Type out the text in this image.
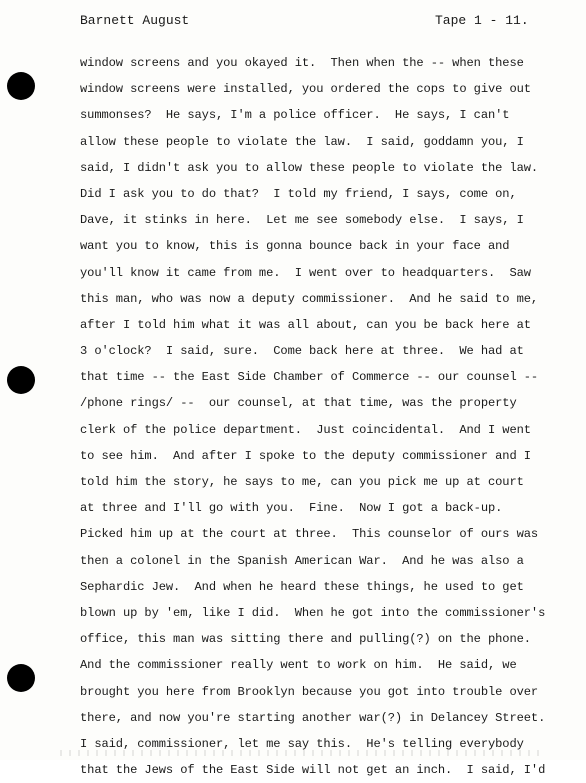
Barnett August	Tape 1 - 11.
window screens and you okayed it.  Then when the -- when these
window screens were installed, you ordered the cops to give out
summonses?  He says, I'm a police officer.  He says, I can't
allow these people to violate the law.  I said, goddamn you, I
said, I didn't ask you to allow these people to violate the law.
Did I ask you to do that?  I told my friend, I says, come on,
Dave, it stinks in here.  Let me see somebody else.  I says, I
want you to know, this is gonna bounce back in your face and
you'll know it came from me.  I went over to headquarters.  Saw
this man, who was now a deputy commissioner.  And he said to me,
after I told him what it was all about, can you be back here at
3 o'clock?  I said, sure.  Come back here at three.  We had at
that time -- the East Side Chamber of Commerce -- our counsel --
/phone rings/ --  our counsel, at that time, was the property
clerk of the police department.  Just coincidental.  And I went
to see him.  And after I spoke to the deputy commissioner and I
told him the story, he says to me, can you pick me up at court
at three and I'll go with you.  Fine.  Now I got a back-up.
Picked him up at the court at three.  This counselor of ours was
then a colonel in the Spanish American War.  And he was also a
Sephardic Jew.  And when he heard these things, he used to get
blown up by 'em, like I did.  When he got into the commissioner's
office, this man was sitting there and pulling(?) on the phone.
And the commissioner really went to work on him.  He said, we
brought you here from Brooklyn because you got into trouble over
there, and now you're starting another war(?) in Delancey Street.
I said, commissioner, let me say this.  He's telling everybody
that the Jews of the East Side will not get an inch.  I said, I'd
